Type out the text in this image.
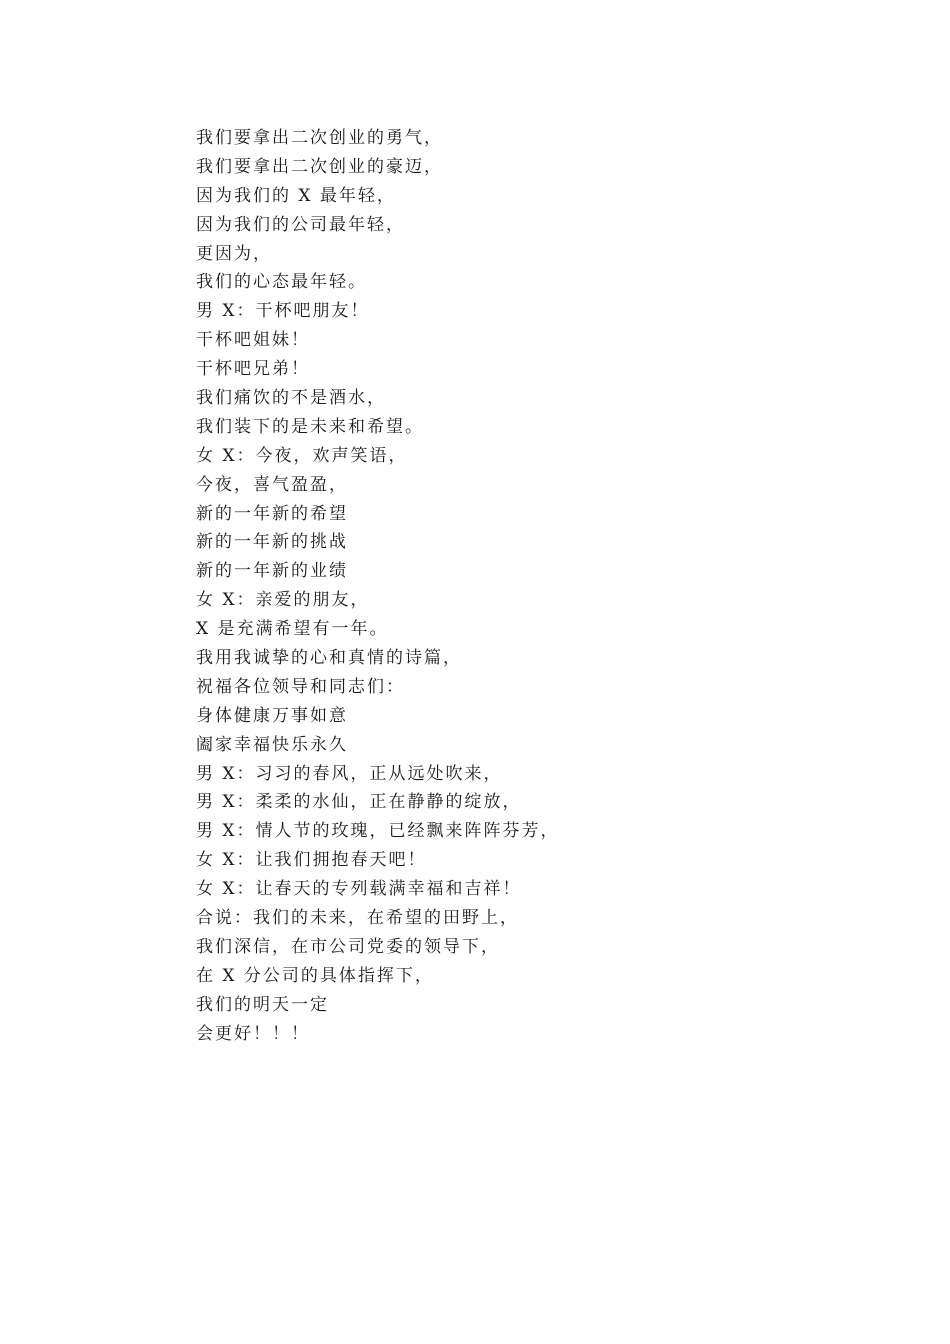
我们要拿出二次创业的勇气，
我们要拿出二次创业的豪迈，
因为我们的 X 最年轻，
因为我们的公司最年轻，
更因为，
我们的心态最年轻。
男 X：干杯吧朋友！
干杯吧姐妹！
干杯吧兄弟！
我们痛饮的不是酒水，
我们装下的是未来和希望。
女 X：今夜，欢声笑语，
今夜，喜气盈盈，
新的一年新的希望
新的一年新的挑战
新的一年新的业绩
女 X：亲爱的朋友，
X 是充满希望有一年。
我用我诚挚的心和真情的诗篇，
祝福各位领导和同志们：
身体健康万事如意
阖家幸福快乐永久
男 X：习习的春风，正从远处吹来，
男 X：柔柔的水仙，正在静静的绽放，
男 X：情人节的玫瑰，已经飘来阵阵芬芳，
女 X：让我们拥抱春天吧！
女 X：让春天的专列载满幸福和吉祥！
合说：我们的未来，在希望的田野上，
我们深信，在市公司党委的领导下，
在 X 分公司的具体指挥下，
我们的明天一定
会更好！！！
